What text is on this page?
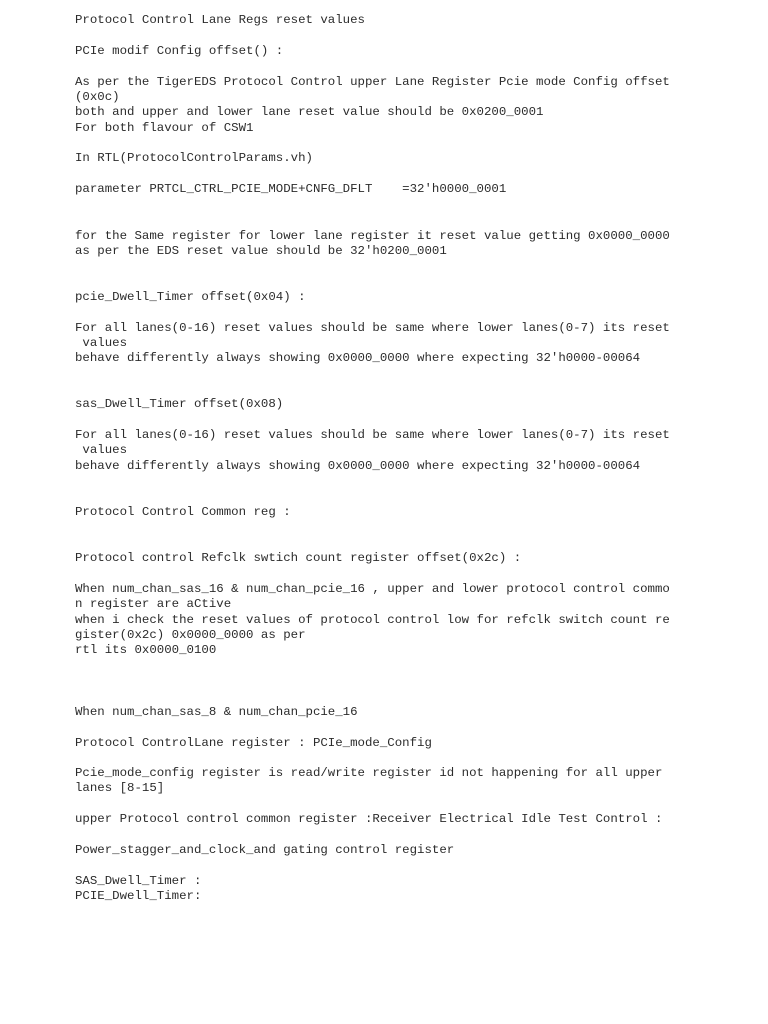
Protocol Control Lane Regs reset values

PCIe modif Config offset() :

As per the TigerEDS Protocol Control upper Lane Register Pcie mode Config offset

(0x0c)

both and upper and lower lane reset value should be 0x0200_0001

For both flavour of CSW1

In RTL(ProtocolControlParams.vh)

parameter PRTCL_CTRL_PCIE_MODE+CNFG_DFLT    =32'h0000_0001

for the Same register for lower lane register it reset value getting 0x0000_0000

as per the EDS reset value should be 32'h0200_0001

pcie_Dwell_Timer offset(0x04) :

For all lanes(0-16) reset values should be same where lower lanes(0-7) its reset

values

behave differently always showing 0x0000_0000 where expecting 32'h0000-00064

sas_Dwell_Timer offset(0x08)

For all lanes(0-16) reset values should be same where lower lanes(0-7) its reset

values

behave differently always showing 0x0000_0000 where expecting 32'h0000-00064

Protocol Control Common reg :

Protocol control Refclk swtich count register offset(0x2c) :

When num_chan_sas_16 & num_chan_pcie_16 , upper and lower protocol control commo

n register are aCtive

when i check the reset values of protocol control low for refclk switch count re

gister(0x2c) 0x0000_0000 as per

rtl its 0x0000_0100

When num_chan_sas_8 & num_chan_pcie_16

Protocol ControlLane register : PCIe_mode_Config

Pcie_mode_config register is read/write register id not happening for all upper

lanes [8-15]

upper Protocol control common register :Receiver Electrical Idle Test Control :

Power_stagger_and_clock_and gating control register

SAS_Dwell_Timer :

PCIE_Dwell_Timer:
